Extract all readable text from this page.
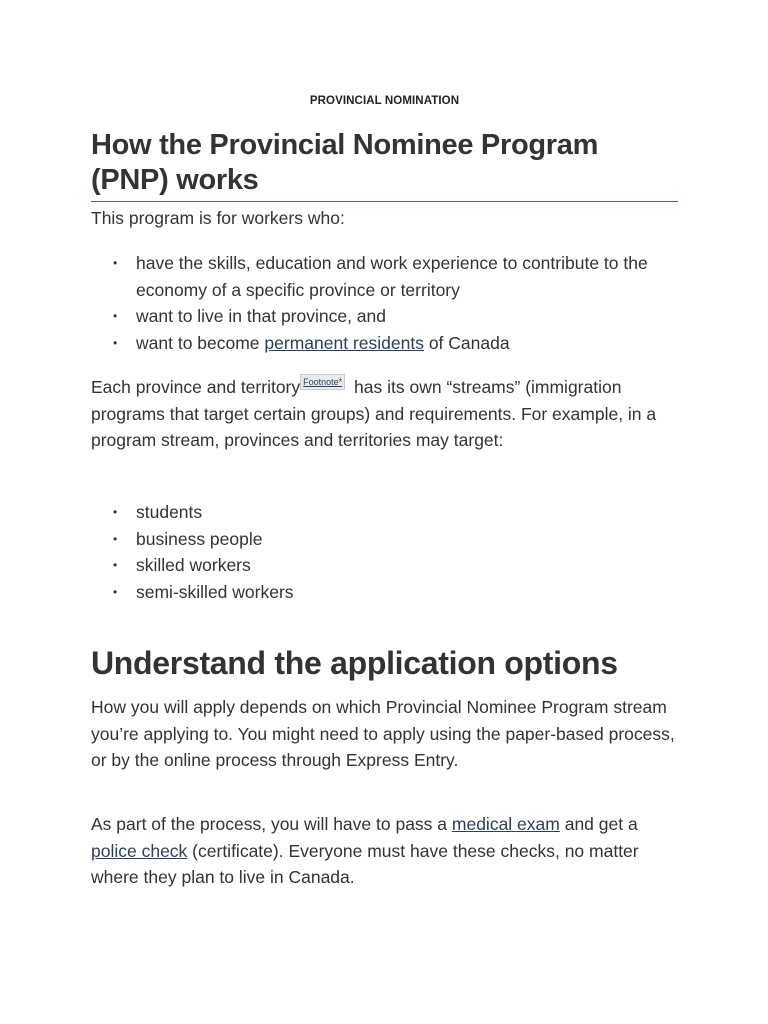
PROVINCIAL NOMINATION
How the Provincial Nominee Program (PNP) works

This program is for workers who:

• have the skills, education and work experience to contribute to the economy of a specific province or territory
• want to live in that province, and
• want to become permanent residents of Canada

Each province and territory Footnote* has its own “streams” (immigration programs that target certain groups) and requirements. For example, in a program stream, provinces and territories may target:

• students
• business people
• skilled workers
• semi-skilled workers
Understand the application options

How you will apply depends on which Provincial Nominee Program stream you’re applying to. You might need to apply using the paper-based process, or by the online process through Express Entry.

As part of the process, you will have to pass a medical exam and get a police check (certificate). Everyone must have these checks, no matter where they plan to live in Canada.
